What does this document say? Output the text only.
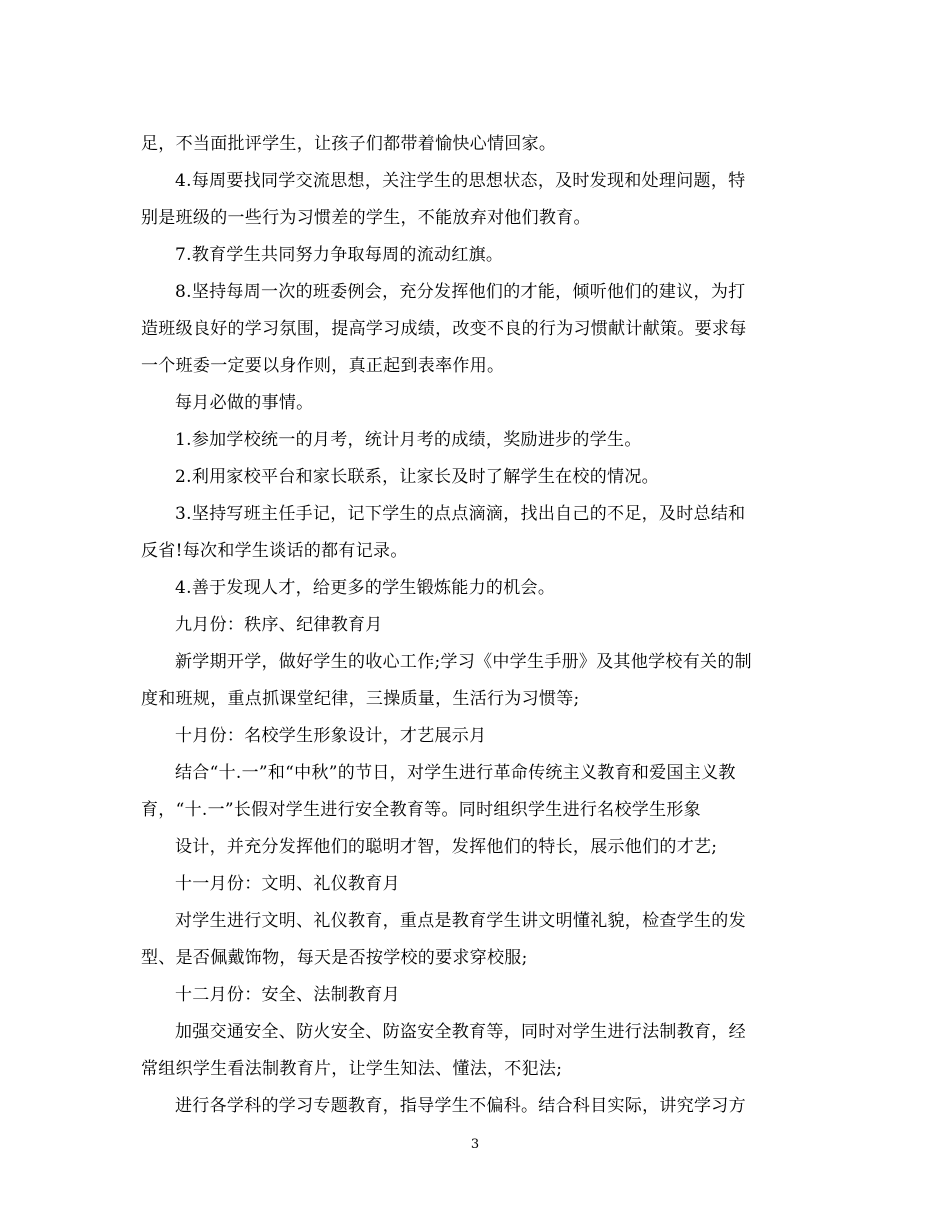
足，不当面批评学生，让孩子们都带着愉快心情回家。
4.每周要找同学交流思想，关注学生的思想状态，及时发现和处理问题，特
别是班级的一些行为习惯差的学生，不能放弃对他们教育。
7.教育学生共同努力争取每周的流动红旗。
8.坚持每周一次的班委例会，充分发挥他们的才能，倾听他们的建议，为打
造班级良好的学习氛围，提高学习成绩，改变不良的行为习惯献计献策。要求每
一个班委一定要以身作则，真正起到表率作用。
每月必做的事情。
1.参加学校统一的月考，统计月考的成绩，奖励进步的学生。
2.利用家校平台和家长联系，让家长及时了解学生在校的情况。
3.坚持写班主任手记，记下学生的点点滴滴，找出自己的不足，及时总结和
反省!每次和学生谈话的都有记录。
4.善于发现人才，给更多的学生锻炼能力的机会。
九月份：秩序、纪律教育月
新学期开学，做好学生的收心工作;学习《中学生手册》及其他学校有关的制
度和班规，重点抓课堂纪律，三操质量，生活行为习惯等;
十月份：名校学生形象设计，才艺展示月
结合“十.一”和“中秋”的节日，对学生进行革命传统主义教育和爱国主义教
育，“十.一”长假对学生进行安全教育等。同时组织学生进行名校学生形象
设计，并充分发挥他们的聪明才智，发挥他们的特长，展示他们的才艺;
十一月份：文明、礼仪教育月
对学生进行文明、礼仪教育，重点是教育学生讲文明懂礼貌，检查学生的发
型、是否佩戴饰物，每天是否按学校的要求穿校服;
十二月份：安全、法制教育月
加强交通安全、防火安全、防盗安全教育等，同时对学生进行法制教育，经
常组织学生看法制教育片，让学生知法、懂法，不犯法;
进行各学科的学习专题教育，指导学生不偏科。结合科目实际，讲究学习方
3
